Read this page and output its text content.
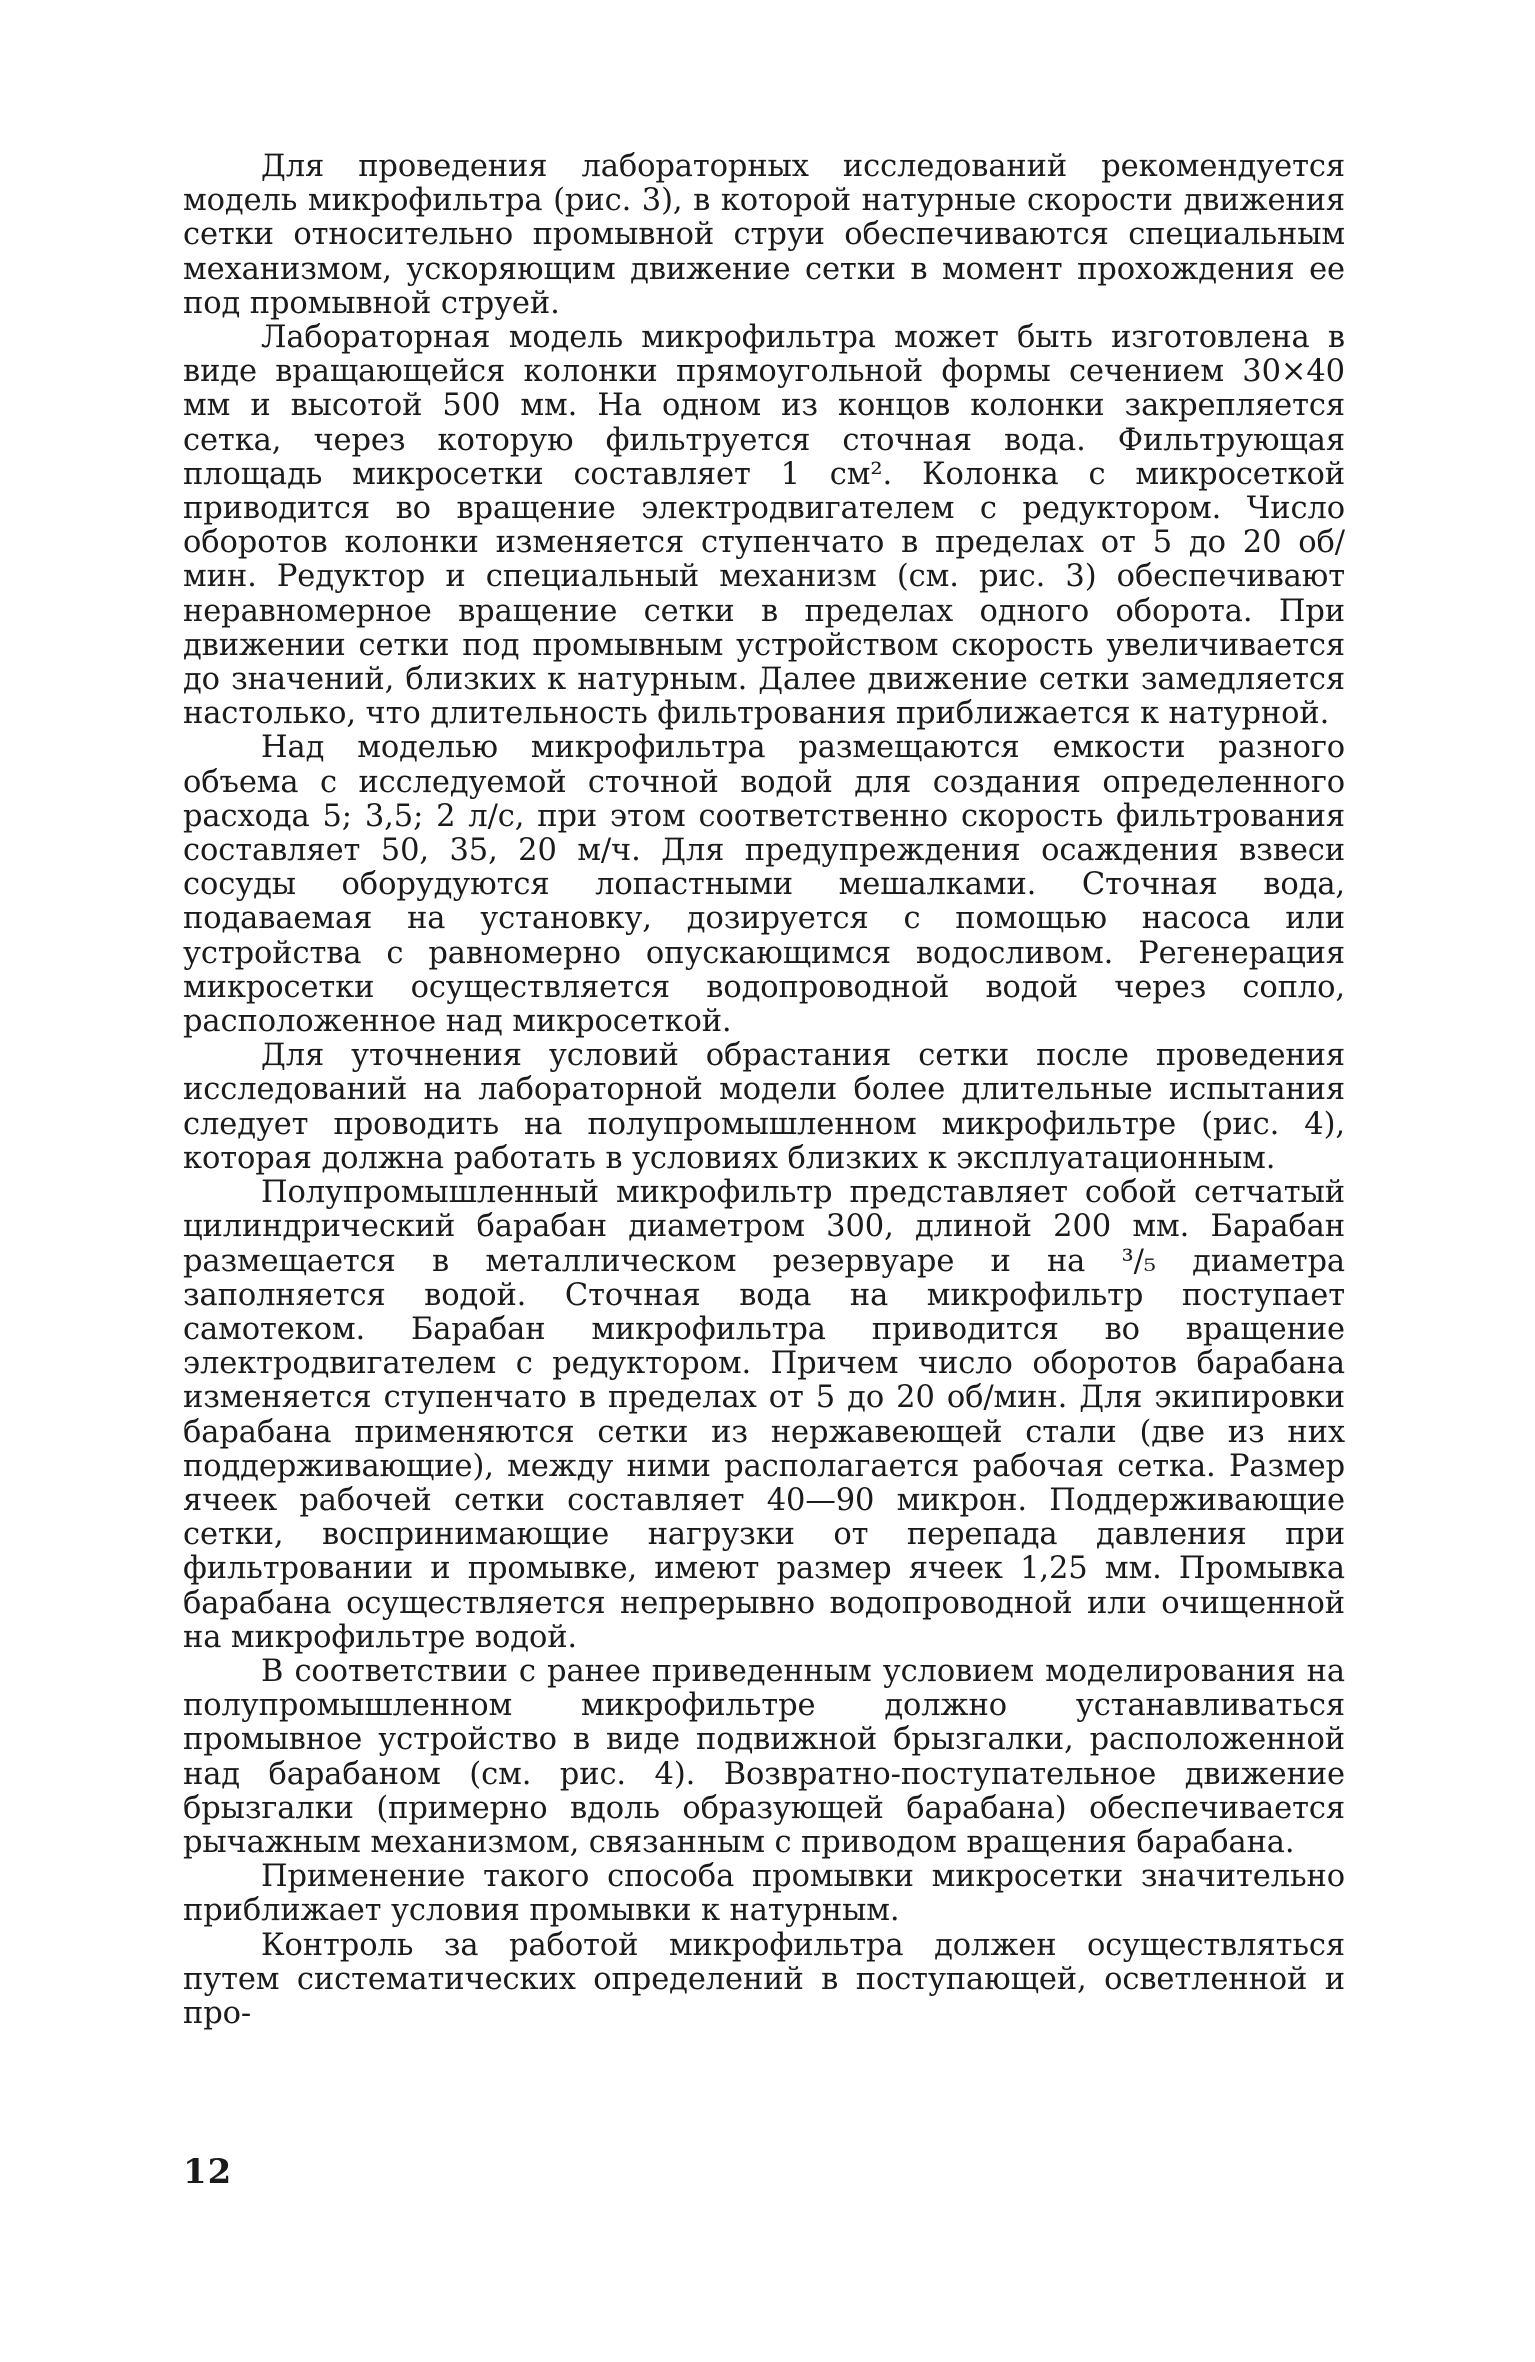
Для проведения лабораторных исследований рекомендуется модель микрофильтра (рис. 3), в которой натурные скорости движения сетки относительно промывной струи обеспечиваются специальным механизмом, ускоряющим движение сетки в момент прохождения ее под промывной струей.

Лабораторная модель микрофильтра может быть изготовлена в виде вращающейся колонки прямоугольной формы сечением 30×40 мм и высотой 500 мм. На одном из концов колонки закрепляется сетка, через которую фильтруется сточная вода. Фильтрующая площадь микросетки составляет 1 см². Колонка с микросеткой приводится во вращение электродвигателем с редуктором. Число оборотов колонки изменяется ступенчато в пределах от 5 до 20 об/мин. Редуктор и специальный механизм (см. рис. 3) обеспечивают неравномерное вращение сетки в пределах одного оборота. При движении сетки под промывным устройством скорость увеличивается до значений, близких к натурным. Далее движение сетки замедляется настолько, что длительность фильтрования приближается к натурной.

Над моделью микрофильтра размещаются емкости разного объема с исследуемой сточной водой для создания определенного расхода 5; 3,5; 2 л/с, при этом соответственно скорость фильтрования составляет 50, 35, 20 м/ч. Для предупреждения осаждения взвеси сосуды оборудуются лопастными мешалками. Сточная вода, подаваемая на установку, дозируется с помощью насоса или устройства с равномерно опускающимся водосливом. Регенерация микросетки осуществляется водопроводной водой через сопло, расположенное над микросеткой.

Для уточнения условий обрастания сетки после проведения исследований на лабораторной модели более длительные испытания следует проводить на полупромышленном микрофильтре (рис. 4), которая должна работать в условиях близких к эксплуатационным.

Полупромышленный микрофильтр представляет собой сетчатый цилиндрический барабан диаметром 300, длиной 200 мм. Барабан размещается в металлическом резервуаре и на ³/₅ диаметра заполняется водой. Сточная вода на микрофильтр поступает самотеком. Барабан микрофильтра приводится во вращение электродвигателем с редуктором. Причем число оборотов барабана изменяется ступенчато в пределах от 5 до 20 об/мин. Для экипировки барабана применяются сетки из нержавеющей стали (две из них поддерживающие), между ними располагается рабочая сетка. Размер ячеек рабочей сетки составляет 40—90 микрон. Поддерживающие сетки, воспринимающие нагрузки от перепада давления при фильтровании и промывке, имеют размер ячеек 1,25 мм. Промывка барабана осуществляется непрерывно водопроводной или очищенной на микрофильтре водой.

В соответствии с ранее приведенным условием моделирования на полупромышленном микрофильтре должно устанавливаться промывное устройство в виде подвижной брызгалки, расположенной над барабаном (см. рис. 4). Возвратно-поступательное движение брызгалки (примерно вдоль образующей барабана) обеспечивается рычажным механизмом, связанным с приводом вращения барабана.

Применение такого способа промывки микросетки значительно приближает условия промывки к натурным.

Контроль за работой микрофильтра должен осуществляться путем систематических определений в поступающей, осветленной и про-

12
